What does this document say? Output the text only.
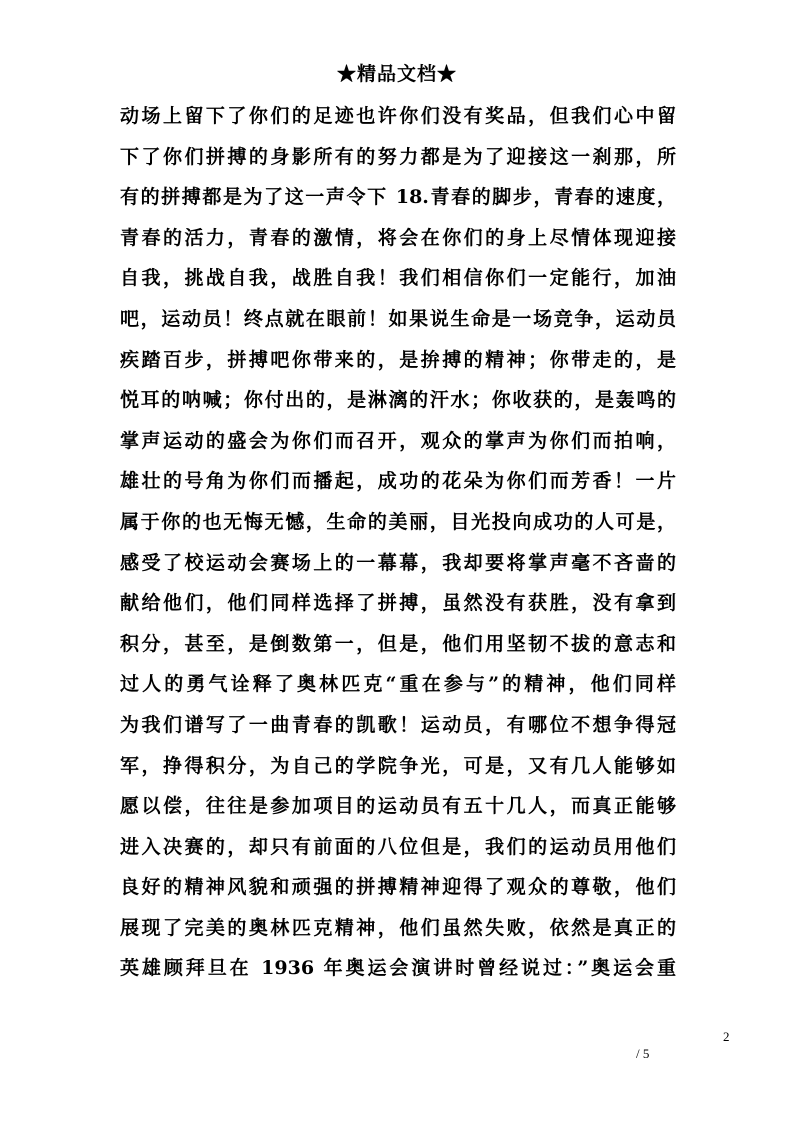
★精品文档★
动场上留下了你们的足迹也许你们没有奖品，但我们心中留
下了你们拼搏的身影所有的努力都是为了迎接这一刹那，所
有的拼搏都是为了这一声令下 18.青春的脚步，青春的速度，
青春的活力，青春的激情，将会在你们的身上尽情体现迎接
自我，挑战自我，战胜自我！我们相信你们一定能行，加油
吧，运动员！终点就在眼前！如果说生命是一场竞争，运动员
疾踏百步，拼搏吧你带来的，是拚搏的精神；你带走的，是
悦耳的呐喊；你付出的，是淋漓的汗水；你收获的，是轰鸣的
掌声运动的盛会为你们而召开，观众的掌声为你们而拍响，
雄壮的号角为你们而播起，成功的花朵为你们而芳香！一片
属于你的也无悔无憾，生命的美丽，目光投向成功的人可是，
感受了校运动会赛场上的一幕幕，我却要将掌声毫不吝啬的
献给他们，他们同样选择了拼搏，虽然没有获胜，没有拿到
积分，甚至，是倒数第一，但是，他们用坚韧不拔的意志和
过人的勇气诠释了奥林匹克“重在参与”的精神，他们同样
为我们谱写了一曲青春的凯歌！运动员，有哪位不想争得冠
军，挣得积分，为自己的学院争光，可是，又有几人能够如
愿以偿，往往是参加项目的运动员有五十几人，而真正能够
进入决赛的，却只有前面的八位但是，我们的运动员用他们
良好的精神风貌和顽强的拼搏精神迎得了观众的尊敬，他们
展现了完美的奥林匹克精神，他们虽然失败，依然是真正的
英雄顾拜旦在 1936 年奥运会演讲时曾经说过：”奥运会重
2
/ 5
